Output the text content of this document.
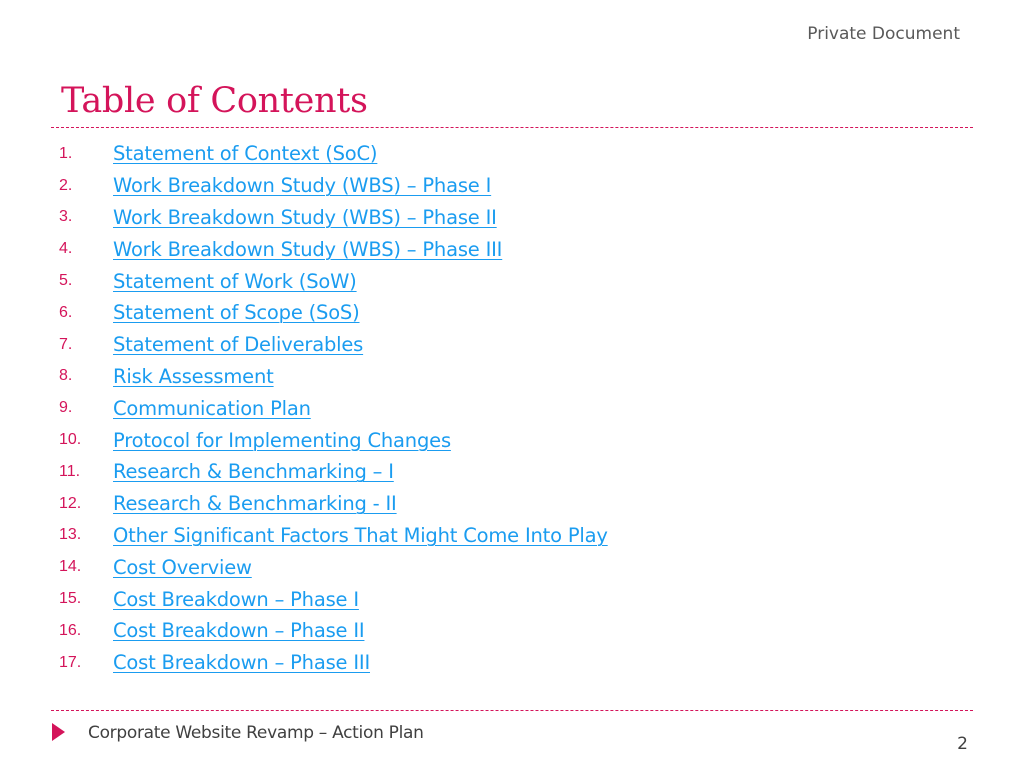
Private Document
Table of Contents
1.	Statement of Context (SoC)
2.	Work Breakdown Study (WBS) – Phase I
3.	Work Breakdown Study (WBS) – Phase II
4.	Work Breakdown Study (WBS) – Phase III
5.	Statement of Work (SoW)
6.	Statement of Scope (SoS)
7.	Statement of Deliverables
8.	Risk Assessment
9.	Communication Plan
10.	Protocol for Implementing Changes
11.	Research & Benchmarking – I
12.	Research & Benchmarking - II
13.	Other Significant Factors That Might Come Into Play
14.	Cost Overview
15.	Cost Breakdown – Phase I
16.	Cost Breakdown – Phase II
17.	Cost Breakdown – Phase III
Corporate Website Revamp – Action Plan
2
